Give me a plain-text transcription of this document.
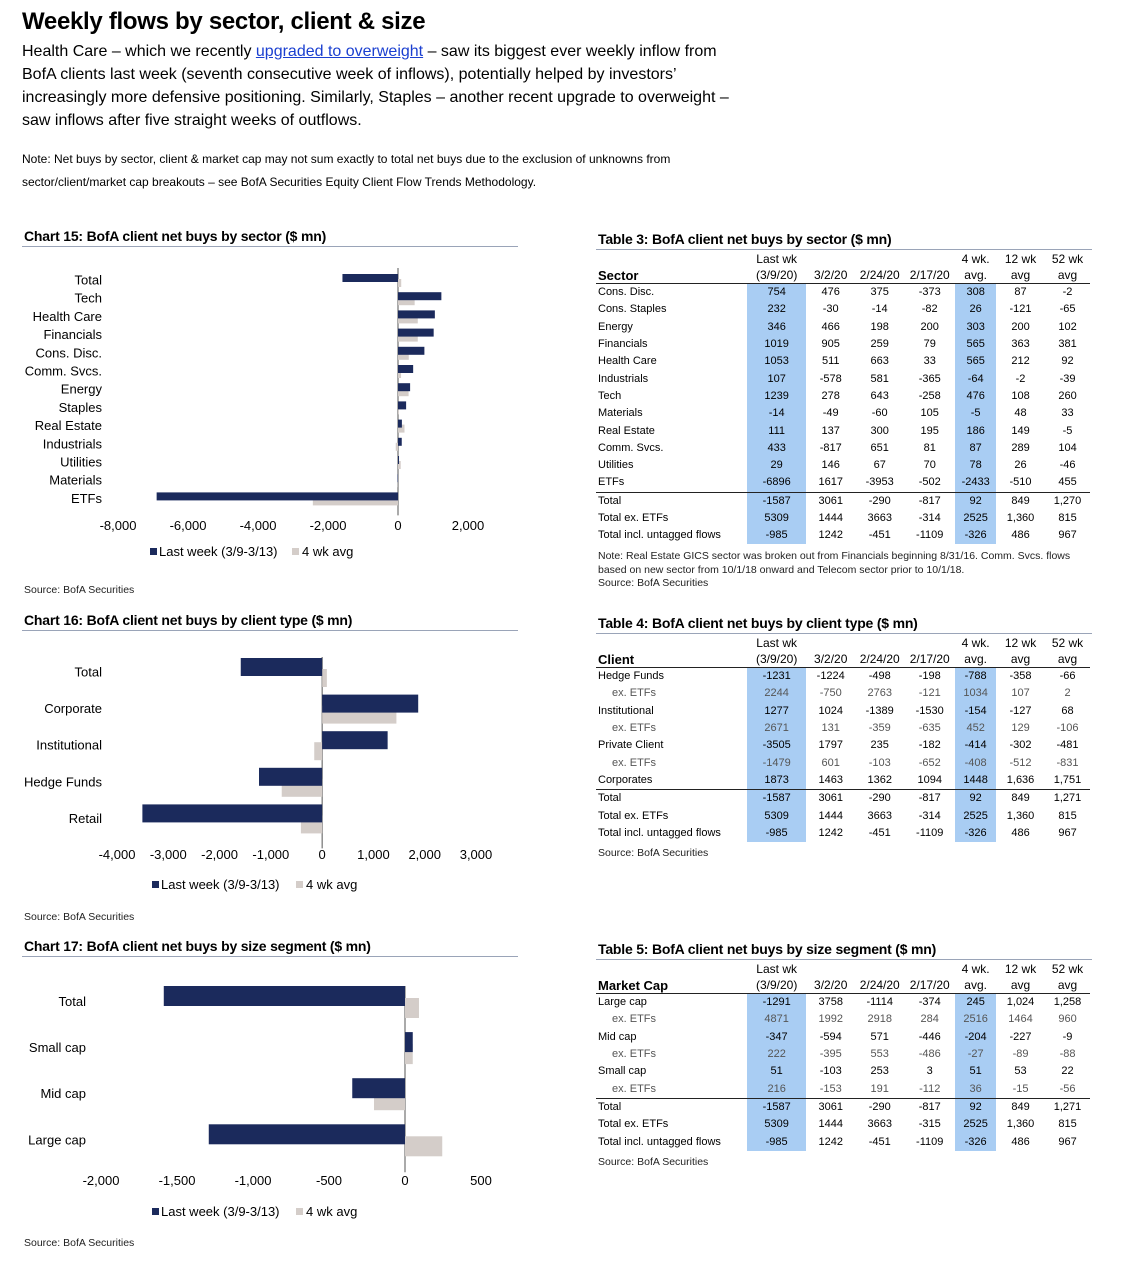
Weekly flows by sector, client & size
Health Care – which we recently upgraded to overweight – saw its biggest ever weekly inflow from BofA clients last week (seventh consecutive week of inflows), potentially helped by investors’ increasingly more defensive positioning. Similarly, Staples – another recent upgrade to overweight – saw inflows after five straight weeks of outflows.
Note: Net buys by sector, client & market cap may not sum exactly to total net buys due to the exclusion of unknowns from sector/client/market cap breakouts – see BofA Securities Equity Client Flow Trends Methodology.
Chart 15: BofA client net buys by sector ($ mn)
Total
Tech
Health Care
Financials
Cons. Disc.
Comm. Svcs.
Energy
Staples
Real Estate
Industrials
Utilities
Materials
ETFs
-8,000	-6,000	-4,000	-2,000	0	2,000
Last week (3/9-3/13) 4 wk avg
Source: BofA Securities
Chart 16: BofA client net buys by client type ($ mn)
Total
Corporate
Institutional
Hedge Funds
Retail
-4,000 -3,000 -2,000 -1,000 0 1,000 2,000 3,000
Last week (3/9-3/13) 4 wk avg
Source: BofA Securities
Chart 17: BofA client net buys by size segment ($ mn)
Total
Small cap
Mid cap
Large cap
-2,000	-1,500	-1,000	-500	0	500
Last week (3/9-3/13) 4 wk avg
Source: BofA Securities
Table 3: BofA client net buys by sector ($ mn)
	Last wk				4 wk.	12 wk	52 wk
Sector	(3/9/20)	3/2/20	2/24/20	2/17/20	avg.	avg	avg
Cons. Disc.	754	476	375	-373	308	87	-2
Cons. Staples	232	-30	-14	-82	26	-121	-65
Energy	346	466	198	200	303	200	102
Financials	1019	905	259	79	565	363	381
Health Care	1053	511	663	33	565	212	92
Industrials	107	-578	581	-365	-64	-2	-39
Tech	1239	278	643	-258	476	108	260
Materials	-14	-49	-60	105	-5	48	33
Real Estate	111	137	300	195	186	149	-5
Comm. Svcs.	433	-817	651	81	87	289	104
Utilities	29	146	67	70	78	26	-46
ETFs	-6896	1617	-3953	-502	-2433	-510	455
Total	-1587	3061	-290	-817	92	849	1,270
Total ex. ETFs	5309	1444	3663	-314	2525	1,360	815
Total incl. untagged flows	-985	1242	-451	-1109	-326	486	967
Note: Real Estate GICS sector was broken out from Financials beginning 8/31/16. Comm. Svcs. flows based on new sector from 10/1/18 onward and Telecom sector prior to 10/1/18.
Source: BofA Securities
Table 4: BofA client net buys by client type ($ mn)
	Last wk				4 wk.	12 wk	52 wk
Client	(3/9/20)	3/2/20	2/24/20	2/17/20	avg.	avg	avg
Hedge Funds	-1231	-1224	-498	-198	-788	-358	-66
ex. ETFs	2244	-750	2763	-121	1034	107	2
Institutional	1277	1024	-1389	-1530	-154	-127	68
ex. ETFs	2671	131	-359	-635	452	129	-106
Private Client	-3505	1797	235	-182	-414	-302	-481
ex. ETFs	-1479	601	-103	-652	-408	-512	-831
Corporates	1873	1463	1362	1094	1448	1,636	1,751
Total	-1587	3061	-290	-817	92	849	1,271
Total ex. ETFs	5309	1444	3663	-314	2525	1,360	815
Total incl. untagged flows	-985	1242	-451	-1109	-326	486	967
Source: BofA Securities
Table 5: BofA client net buys by size segment ($ mn)
	Last wk				4 wk.	12 wk	52 wk
Market Cap	(3/9/20)	3/2/20	2/24/20	2/17/20	avg.	avg	avg
Large cap	-1291	3758	-1114	-374	245	1,024	1,258
ex. ETFs	4871	1992	2918	284	2516	1464	960
Mid cap	-347	-594	571	-446	-204	-227	-9
ex. ETFs	222	-395	553	-486	-27	-89	-88
Small cap	51	-103	253	3	51	53	22
ex. ETFs	216	-153	191	-112	36	-15	-56
Total	-1587	3061	-290	-817	92	849	1,271
Total ex. ETFs	5309	1444	3663	-315	2525	1,360	815
Total incl. untagged flows	-985	1242	-451	-1109	-326	486	967
Source: BofA Securities
